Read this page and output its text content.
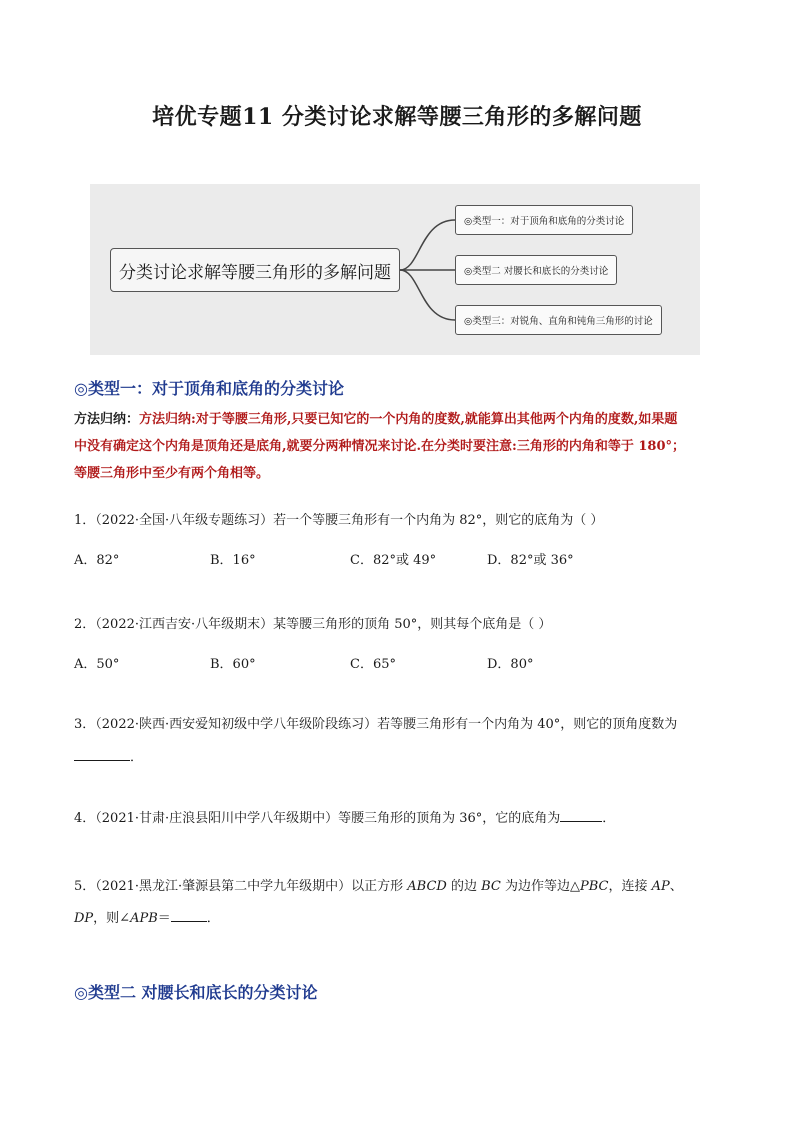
培优专题11 分类讨论求解等腰三角形的多解问题
分类讨论求解等腰三角形的多解问题
◎类型一：对于顶角和底角的分类讨论
◎类型二 对腰长和底长的分类讨论
◎类型三：对锐角、直角和钝角三角形的讨论
◎类型一：对于顶角和底角的分类讨论
方法归纳：方法归纳:对于等腰三角形,只要已知它的一个内角的度数,就能算出其他两个内角的度数,如果题
中没有确定这个内角是顶角还是底角,就要分两种情况来讨论.在分类时要注意:三角形的内角和等于 180°；
等腰三角形中至少有两个角相等。
1．（2022·全国·八年级专题练习）若一个等腰三角形有一个内角为 82°，则它的底角为（ ）
A．82°	B．16°	C．82°或 49°	D．82°或 36°
2．（2022·江西吉安·八年级期末）某等腰三角形的顶角 50°，则其每个底角是（ ）
A．50°	B．60°	C．65°	D．80°
3．（2022·陕西·西安爱知初级中学八年级阶段练习）若等腰三角形有一个内角为 40°，则它的顶角度数为
．
4．（2021·甘肃·庄浪县阳川中学八年级期中）等腰三角形的顶角为 36°，它的底角为	．
5．（2021·黑龙江·肇源县第二中学九年级期中）以正方形 ABCD 的边 BC 为边作等边△PBC，连接 AP、
DP，则∠APB＝	．
◎类型二 对腰长和底长的分类讨论
